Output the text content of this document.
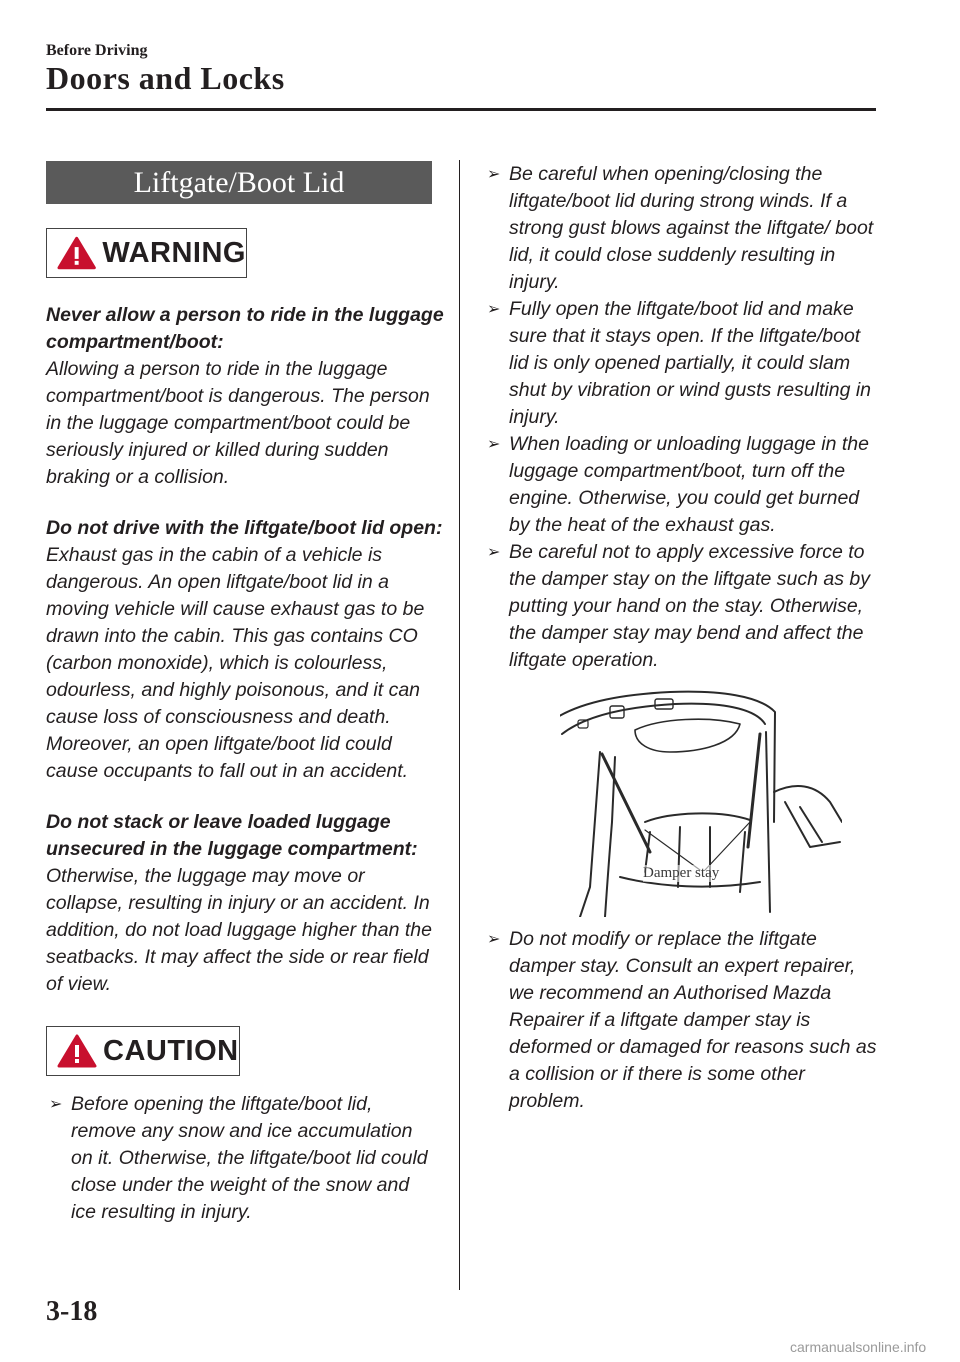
Before Driving
Doors and Locks
Liftgate/Boot Lid
WARNING
Never allow a person to ride in the luggage compartment/boot:
Allowing a person to ride in the luggage compartment/boot is dangerous. The person in the luggage compartment/boot could be seriously injured or killed during sudden braking or a collision.
Do not drive with the liftgate/boot lid open:
Exhaust gas in the cabin of a vehicle is dangerous. An open liftgate/boot lid in a moving vehicle will cause exhaust gas to be drawn into the cabin. This gas contains CO (carbon monoxide), which is colourless, odourless, and highly poisonous, and it can cause loss of consciousness and death. Moreover, an open liftgate/boot lid could cause occupants to fall out in an accident.
Do not stack or leave loaded luggage unsecured in the luggage compartment:
Otherwise, the luggage may move or collapse, resulting in injury or an accident. In addition, do not load luggage higher than the seatbacks. It may affect the side or rear field of view.
CAUTION
➢ Before opening the liftgate/boot lid, remove any snow and ice accumulation on it. Otherwise, the liftgate/boot lid could close under the weight of the snow and ice resulting in injury.
➢ Be careful when opening/closing the liftgate/boot lid during strong winds. If a strong gust blows against the liftgate/ boot lid, it could close suddenly resulting in injury.
➢ Fully open the liftgate/boot lid and make sure that it stays open. If the liftgate/boot lid is only opened partially, it could slam shut by vibration or wind gusts resulting in injury.
➢ When loading or unloading luggage in the luggage compartment/boot, turn off the engine. Otherwise, you could get burned by the heat of the exhaust gas.
➢ Be careful not to apply excessive force to the damper stay on the liftgate such as by putting your hand on the stay. Otherwise, the damper stay may bend and affect the liftgate operation.
Damper stay
➢ Do not modify or replace the liftgate damper stay. Consult an expert repairer, we recommend an Authorised Mazda Repairer if a liftgate damper stay is deformed or damaged for reasons such as a collision or if there is some other problem.
3-18
carmanualsonline.info
